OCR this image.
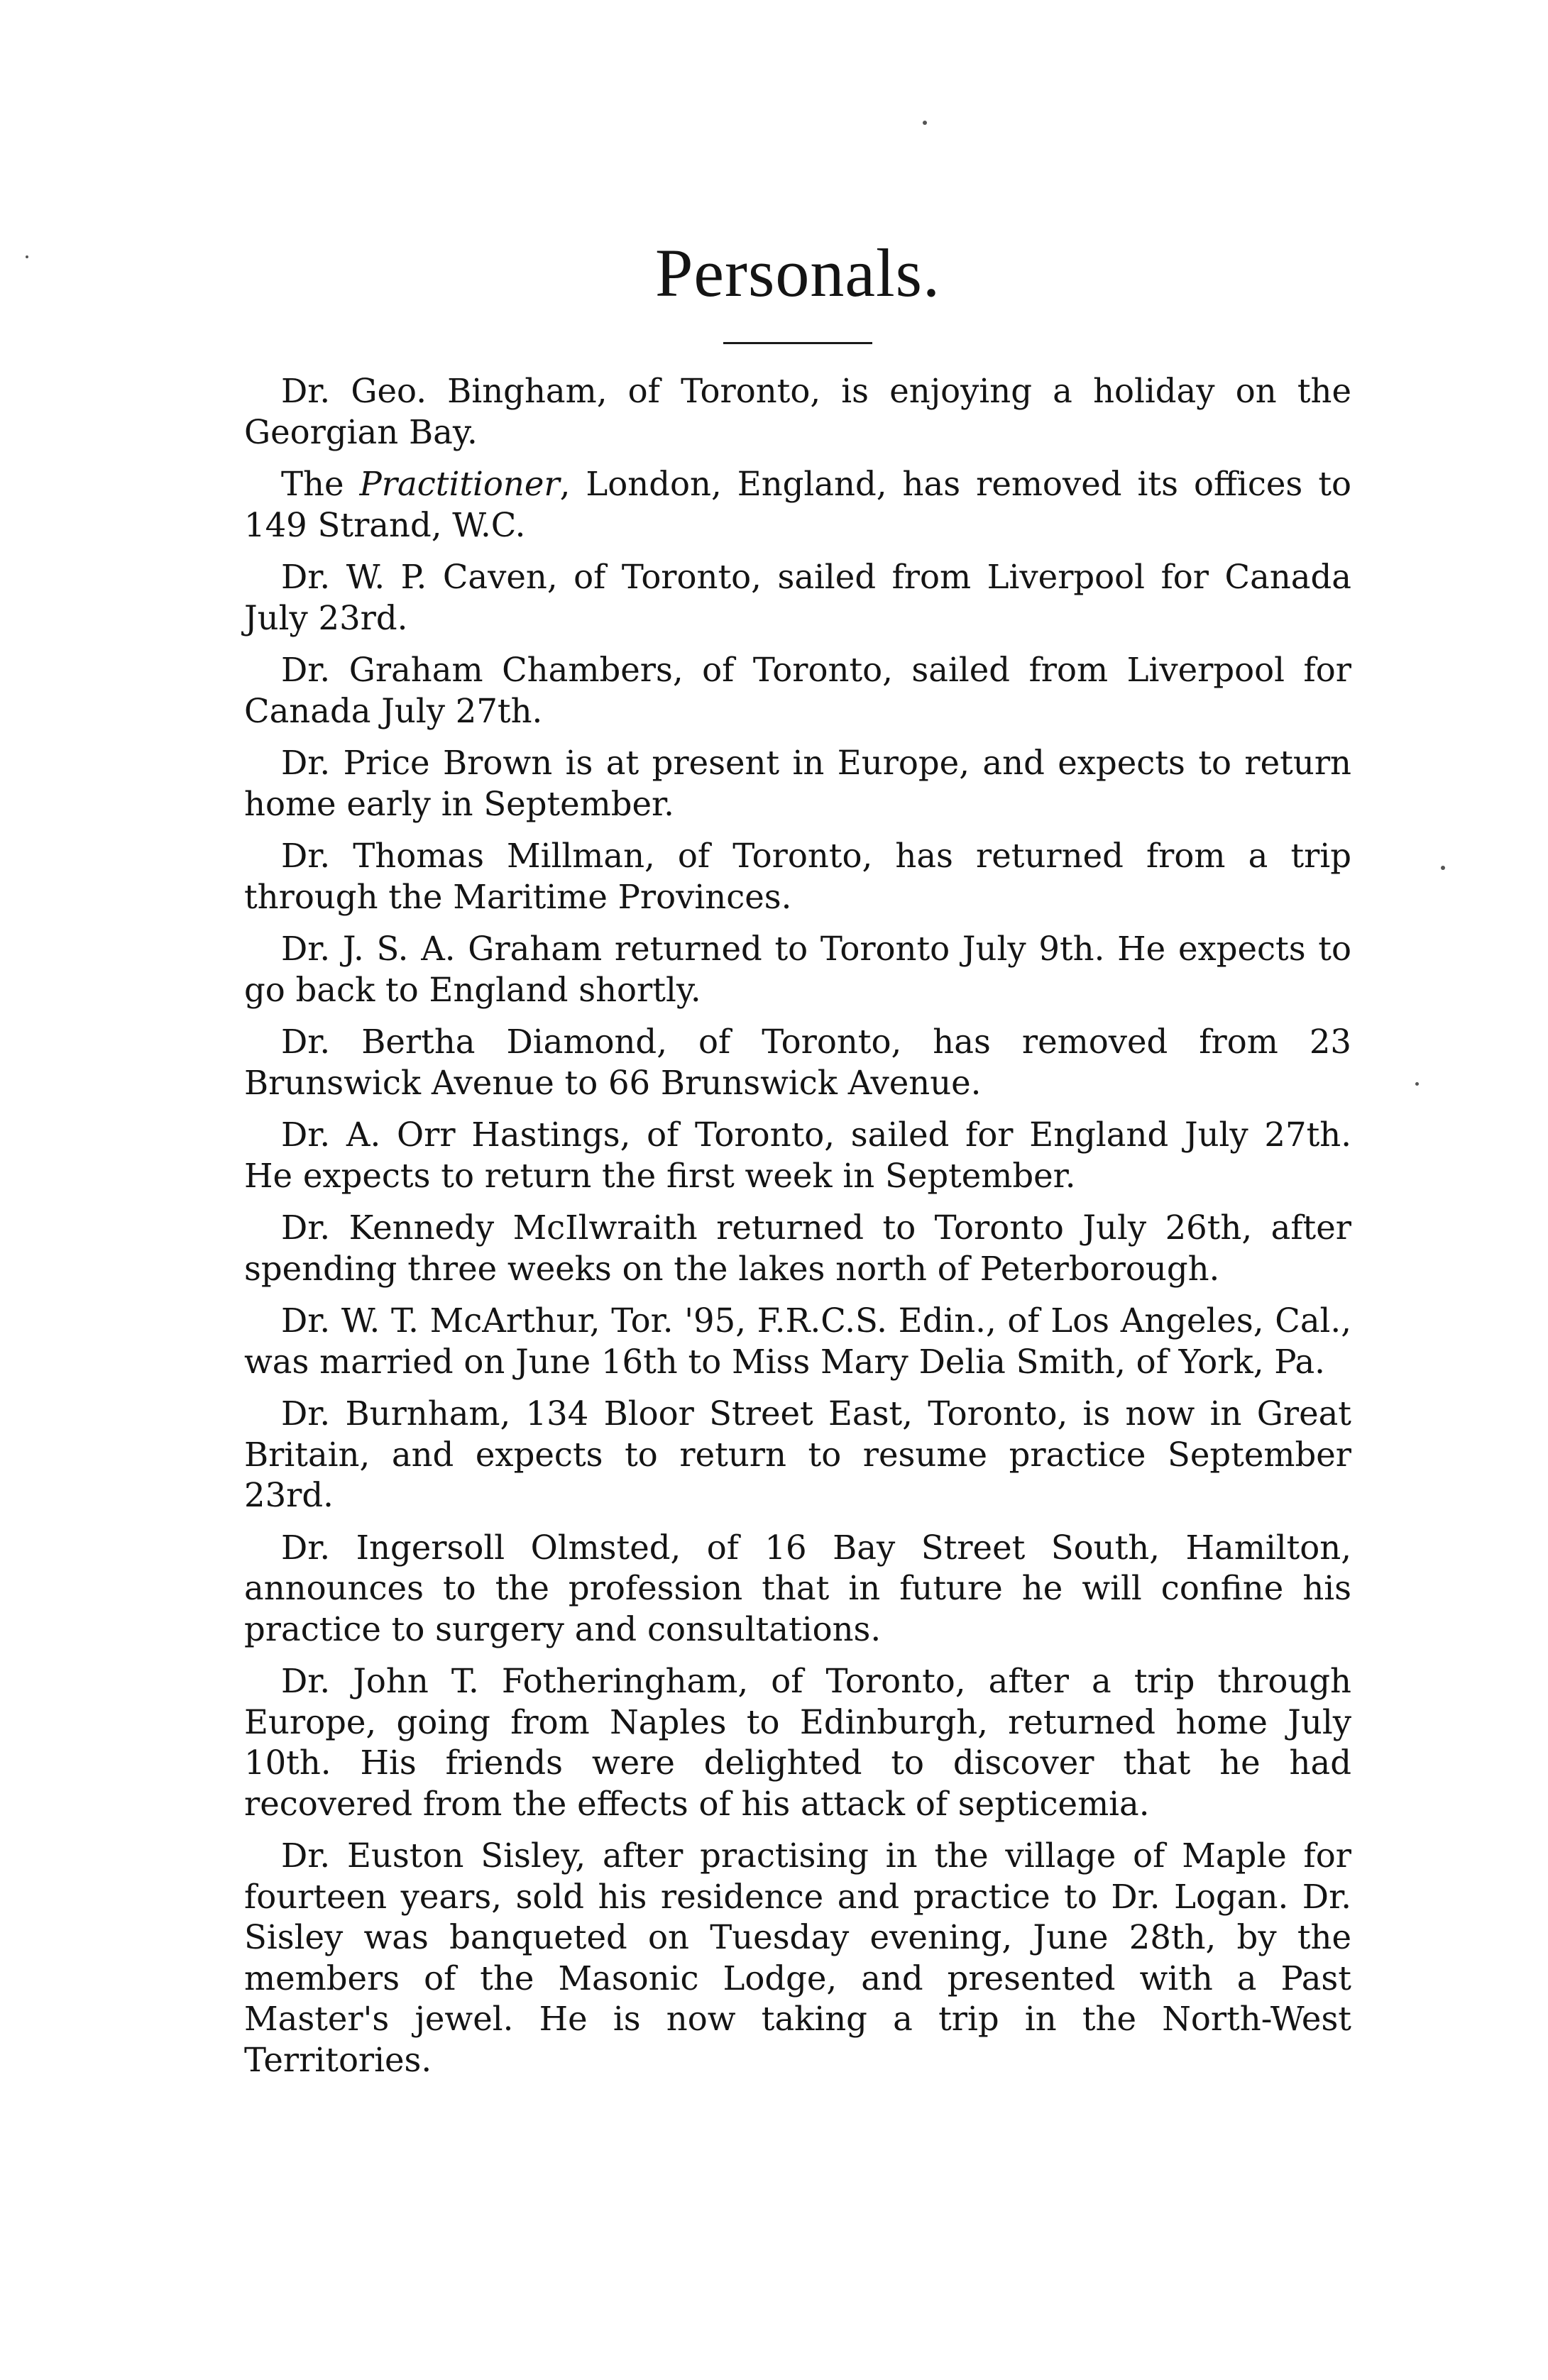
Personals.

Dr. Geo. Bingham, of Toronto, is enjoying a holiday on the Georgian Bay.

The Practitioner, London, England, has removed its offices to 149 Strand, W.C.

Dr. W. P. Caven, of Toronto, sailed from Liverpool for Canada July 23rd.

Dr. Graham Chambers, of Toronto, sailed from Liverpool for Canada July 27th.

Dr. Price Brown is at present in Europe, and expects to return home early in September.

Dr. Thomas Millman, of Toronto, has returned from a trip through the Maritime Provinces.

Dr. J. S. A. Graham returned to Toronto July 9th. He expects to go back to England shortly.

Dr. Bertha Diamond, of Toronto, has removed from 23 Brunswick Avenue to 66 Brunswick Avenue.

Dr. A. Orr Hastings, of Toronto, sailed for England July 27th. He expects to return the first week in September.

Dr. Kennedy McIlwraith returned to Toronto July 26th, after spending three weeks on the lakes north of Peterborough.

Dr. W. T. McArthur, Tor. '95, F.R.C.S. Edin., of Los Angeles, Cal., was married on June 16th to Miss Mary Delia Smith, of York, Pa.

Dr. Burnham, 134 Bloor Street East, Toronto, is now in Great Britain, and expects to return to resume practice September 23rd.

Dr. Ingersoll Olmsted, of 16 Bay Street South, Hamilton, announces to the profession that in future he will confine his practice to surgery and consultations.

Dr. John T. Fotheringham, of Toronto, after a trip through Europe, going from Naples to Edinburgh, returned home July 10th. His friends were delighted to discover that he had recovered from the effects of his attack of septicemia.

Dr. Euston Sisley, after practising in the village of Maple for fourteen years, sold his residence and practice to Dr. Logan. Dr. Sisley was banqueted on Tuesday evening, June 28th, by the members of the Masonic Lodge, and presented with a Past Master's jewel. He is now taking a trip in the North-West Territories.
